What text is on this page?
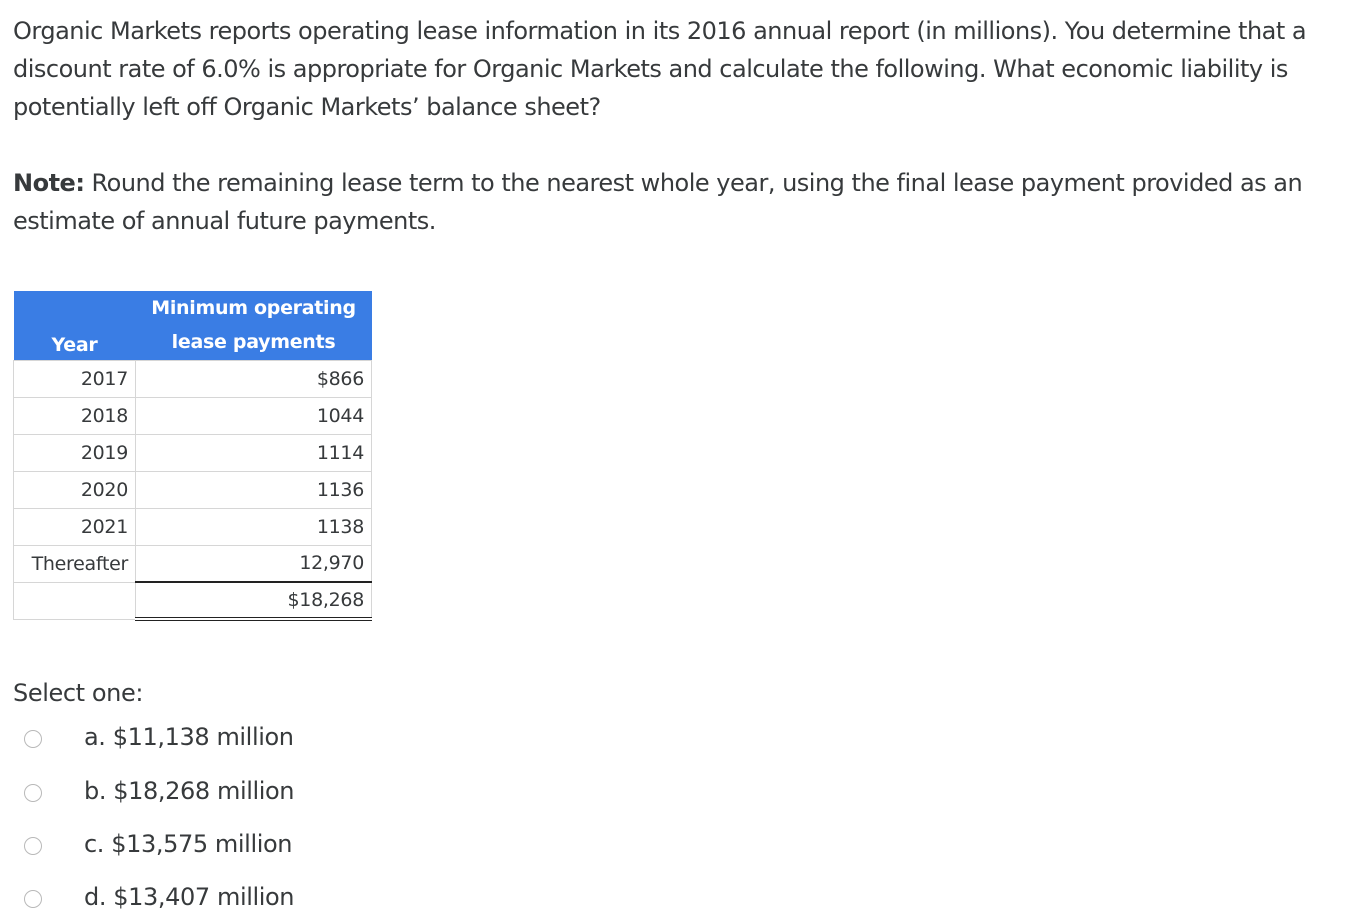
Organic Markets reports operating lease information in its 2016 annual report (in millions). You determine that a discount rate of 6.0% is appropriate for Organic Markets and calculate the following. What economic liability is potentially left off Organic Markets’ balance sheet?

Note: Round the remaining lease term to the nearest whole year, using the final lease payment provided as an estimate of annual future payments.

Year	Minimum operating
lease payments
2017	$866
2018	1044
2019	1114
2020	1136
2021	1138
Thereafter	12,970
	$18,268
Select one:
a. $11,138 million
b. $18,268 million
c. $13,575 million
d. $13,407 million
